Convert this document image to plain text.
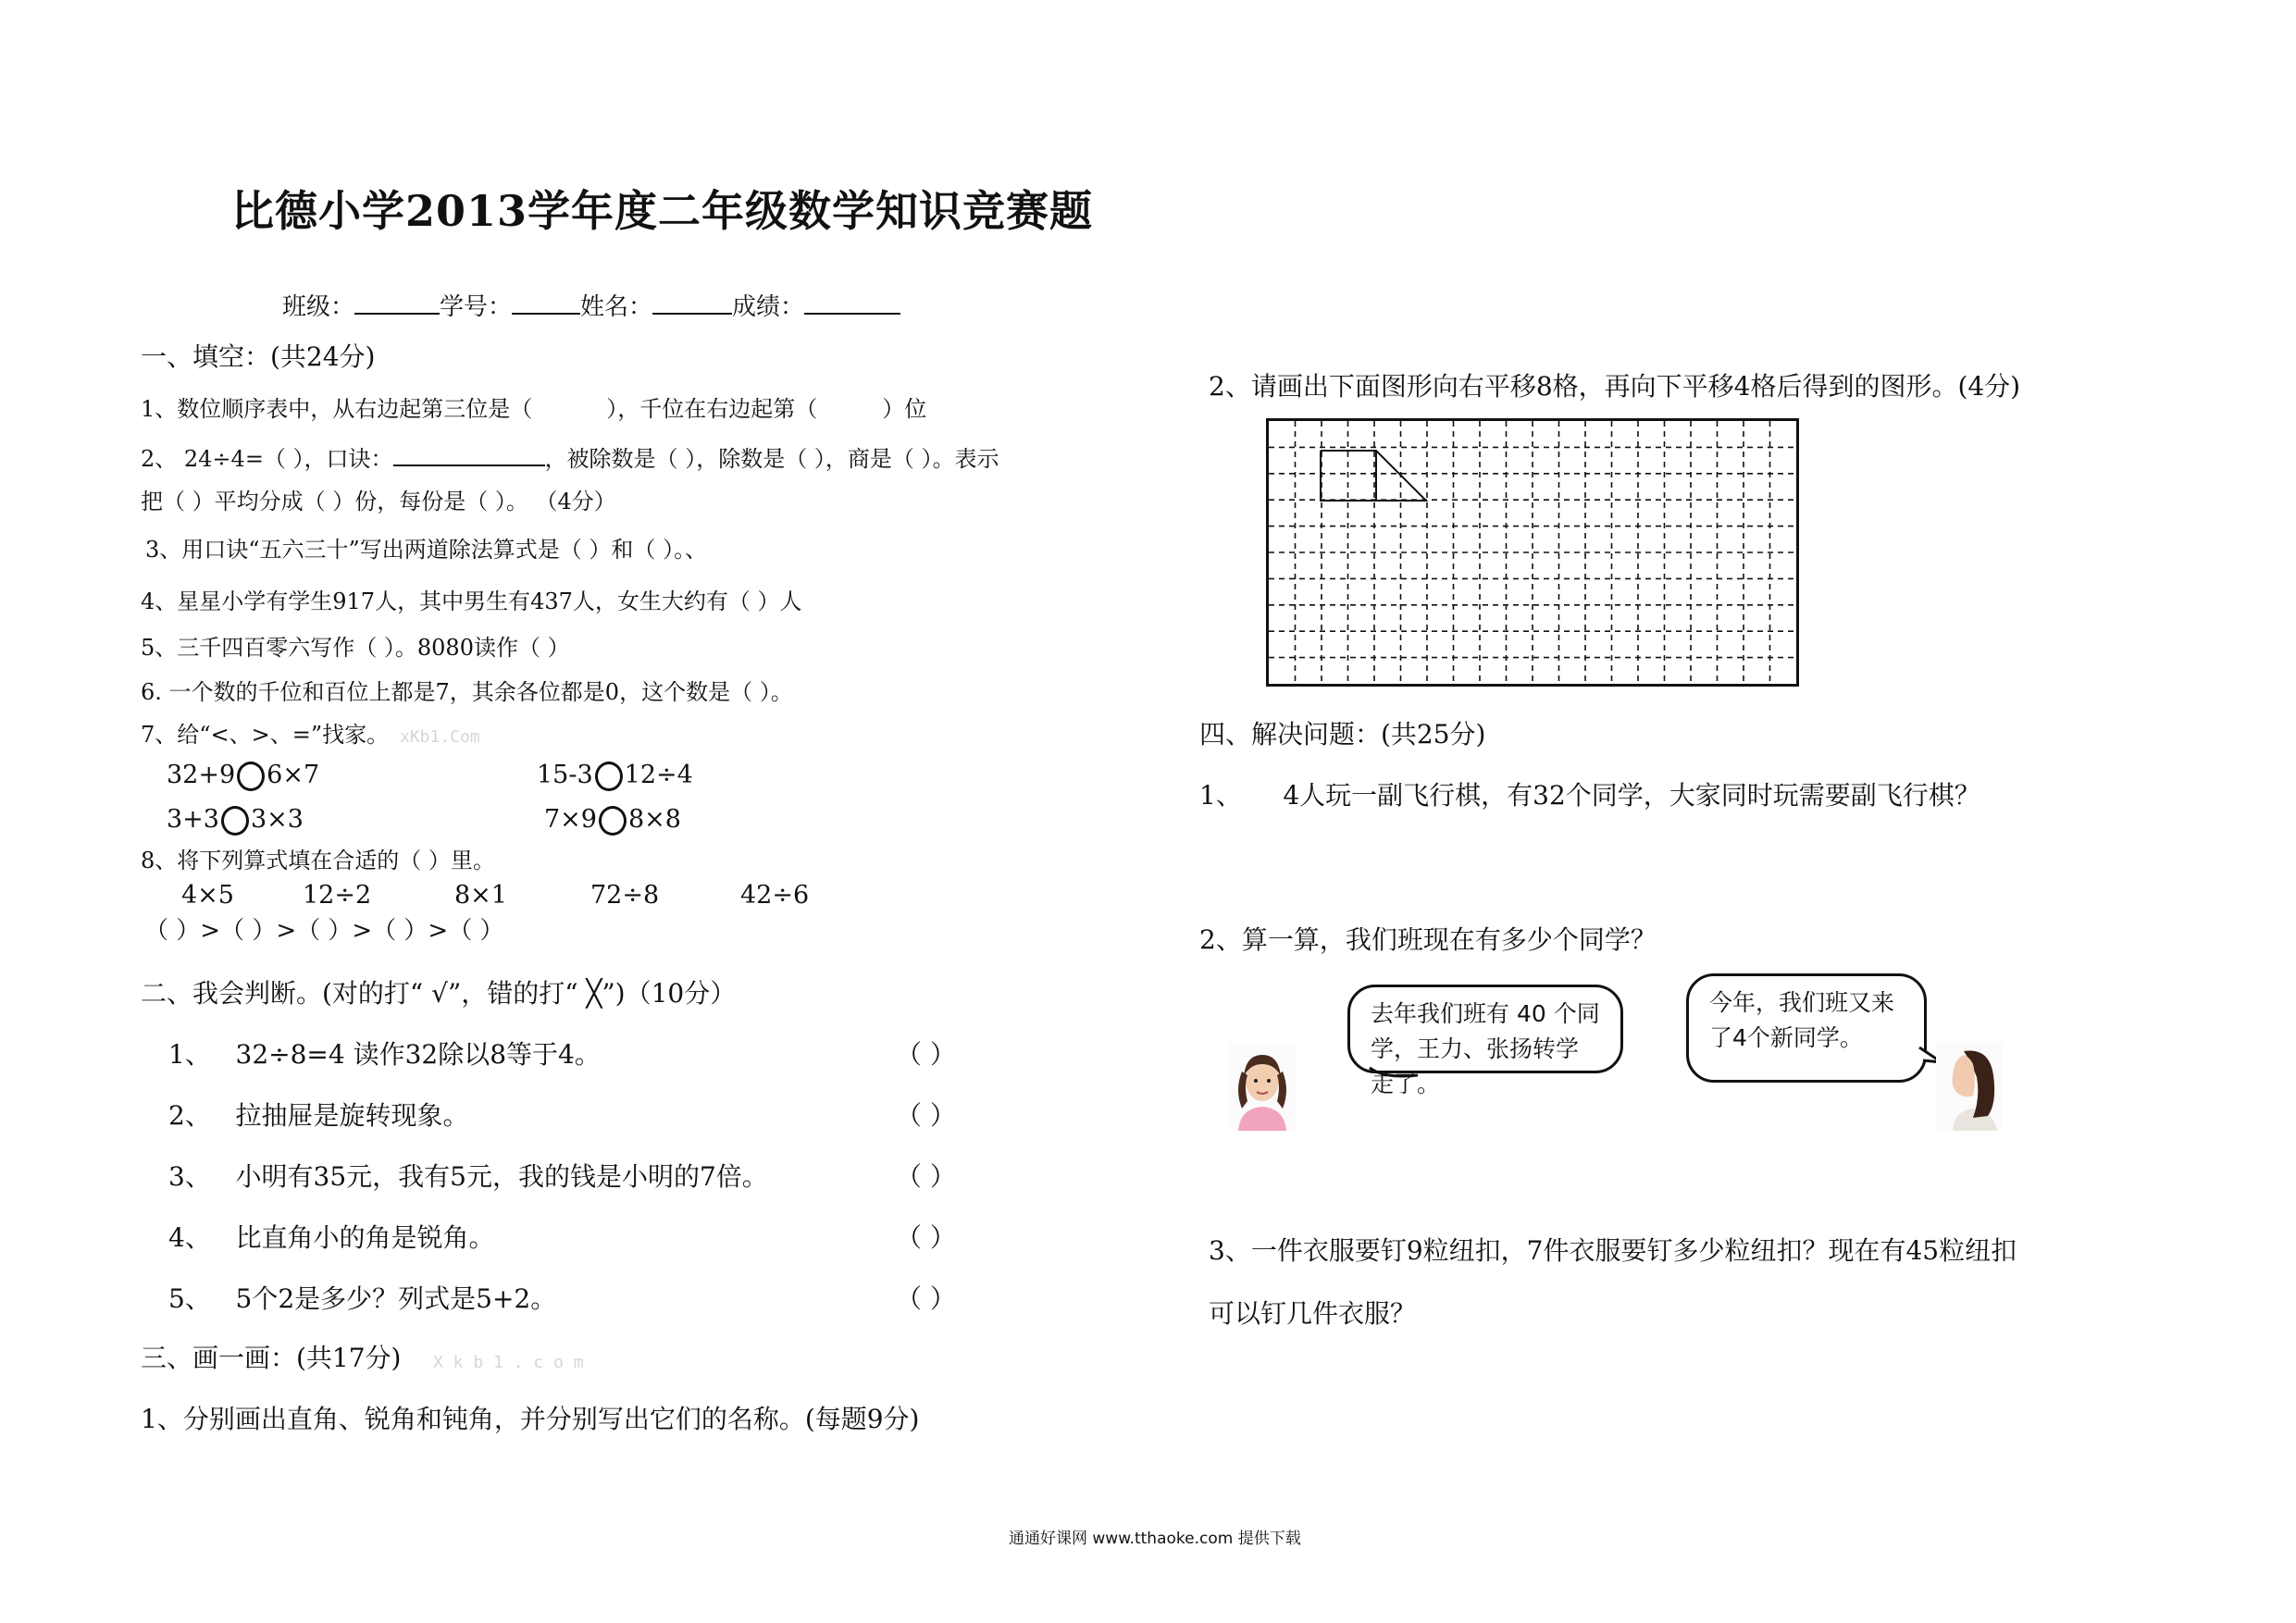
比德小学2013学年度二年级数学知识竞赛题
班级：	学号：	姓名：	成绩：
一、填空：(共24分)
1、数位顺序表中，从右边起第三位是（	），千位在右边起第（	）位
2、 24÷4=（ ），口诀：	，被除数是（ ），除数是（ ），商是（ ）。表示
把（ ）平均分成（ ）份，每份是（ ）。 （4分）
3、用口诀“五六三十”写出两道除法算式是（ ）和（ ）。、
4、星星小学有学生917人，其中男生有437人，女生大约有（ ）人
5、三千四百零六写作（ ）。8080读作（ ）
6. 一个数的千位和百位上都是7，其余各位都是0，这个数是（ ）。
7、给“<、>、=”找家。 xKb1.Com
32+9 6×7	15-3 12÷4
3+3 3×3	7×9 8×8
8、将下列算式填在合适的（ ）里。
4×5	12÷2	8×1	72÷8	42÷6
（ ）>（ ）>（ ）>（ ）>（ ）
二、我会判断。(对的打“ √”，错的打“ ╳”)（10分）
1、 32÷8=4 读作32除以8等于4。	（ ）
2、 拉抽屉是旋转现象。	（ ）
3、 小明有35元，我有5元，我的钱是小明的7倍。	（ ）
4、 比直角小的角是锐角。	（ ）
5、 5个2是多少？列式是5+2。	（ ）
三、画一画：(共17分) X k b 1 . c o m
1、分别画出直角、锐角和钝角，并分别写出它们的名称。(每题9分)
2、请画出下面图形向右平移8格，再向下平移4格后得到的图形。(4分)
四、解决问题：(共25分)
1、 4人玩一副飞行棋，有32个同学，大家同时玩需要副飞行棋？
2、算一算，我们班现在有多少个同学？
去年我们班有 40 个同学，王力、张扬转学走了。
今年，我们班又来了4个新同学。
3、一件衣服要钉9粒纽扣，7件衣服要钉多少粒纽扣？现在有45粒纽扣
可以钉几件衣服？
通通好课网 www.tthaoke.com 提供下载
